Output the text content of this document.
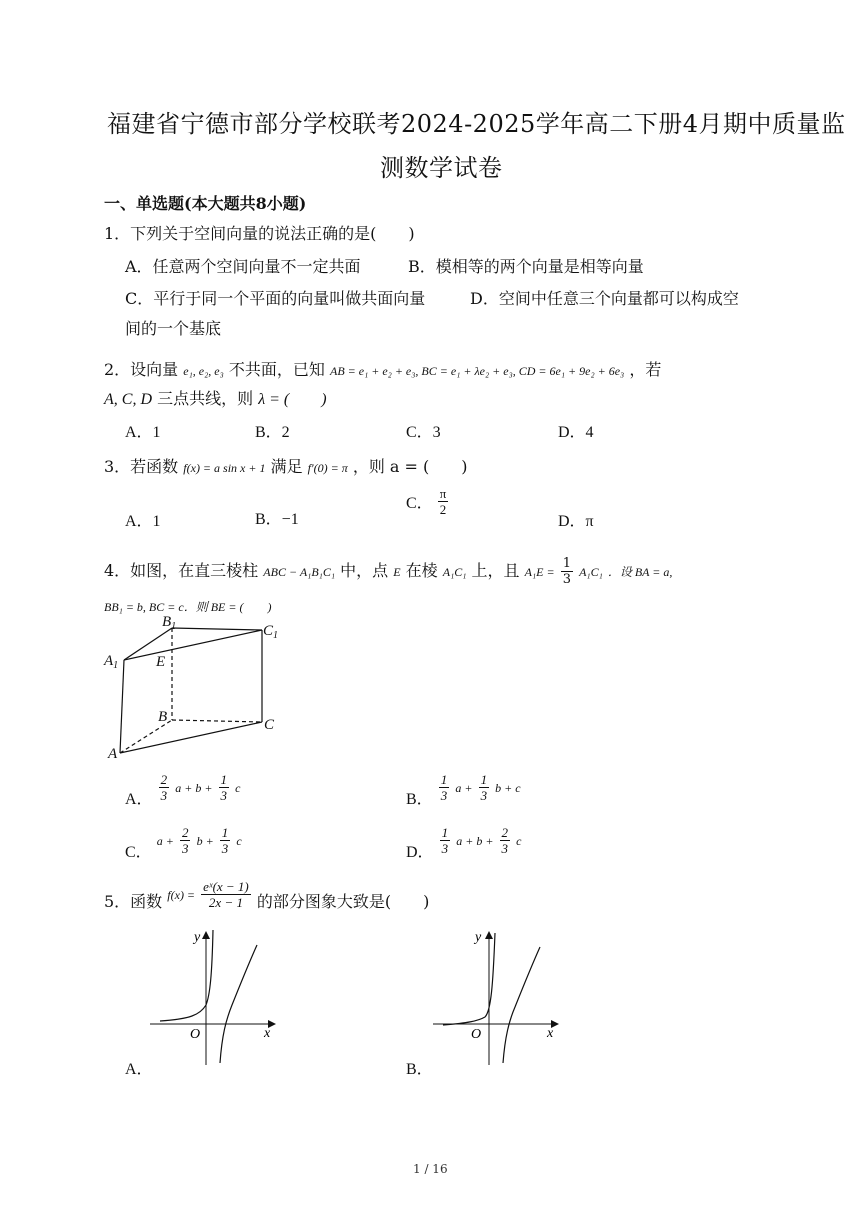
福建省宁德市部分学校联考2024-2025学年高二下册4月期中质量监
测数学试卷
一、单选题(本大题共8小题)
1．下列关于空间向量的说法正确的是(　　)
A．任意两个空间向量不一定共面	B．模相等的两个向量是相等向量
C．平行于同一个平面的向量叫做共面向量	D．空间中任意三个向量都可以构成空
间的一个基底
2．设向量 e₁, e₂, e₃ 不共面，已知 AB = e₁ + e₂ + e₃, BC = e₁ + λe₂ + e₃, CD = 6e₁ + 9e₂ + 6e₃ ，若
A, C, D 三点共线，则 λ = (　　)
A．1	B．2	C．3	D．4
3．若函数 f(x) = a sin x + 1 满足 f′(0) = π ，则 a = (　　)
A．1	B．−1
C． $\frac{\pi}{2}$
D．π
4．如图，在直三棱柱 ABC − A₁B₁C₁ 中，点 E 在棱 A₁C₁ 上，且 $A_1E = \frac{1}{3} A_1C_1$ ．设 BA = a,
BB₁ = b, BC = c．则 BE = (　　)
$B_1$	$C_1$
$A_1$	E
B	C
A
A． $\frac{2}{3}$ $a + b + \frac{1}{3}$ c
B． $\frac{1}{3}$ $a + \frac{1}{3}$ b + c
C． $a + \frac{2}{3}$ $b + \frac{1}{3}$ c
D． $\frac{1}{3}$ $a + b + \frac{2}{3}$ c
5．函数 $f(x) = \frac{\text{eˣ(x − 1)}}{2x - 1}$ 的部分图象大致是(　　)
y
x
O
A．
y
x
O
B．
1 / 16
